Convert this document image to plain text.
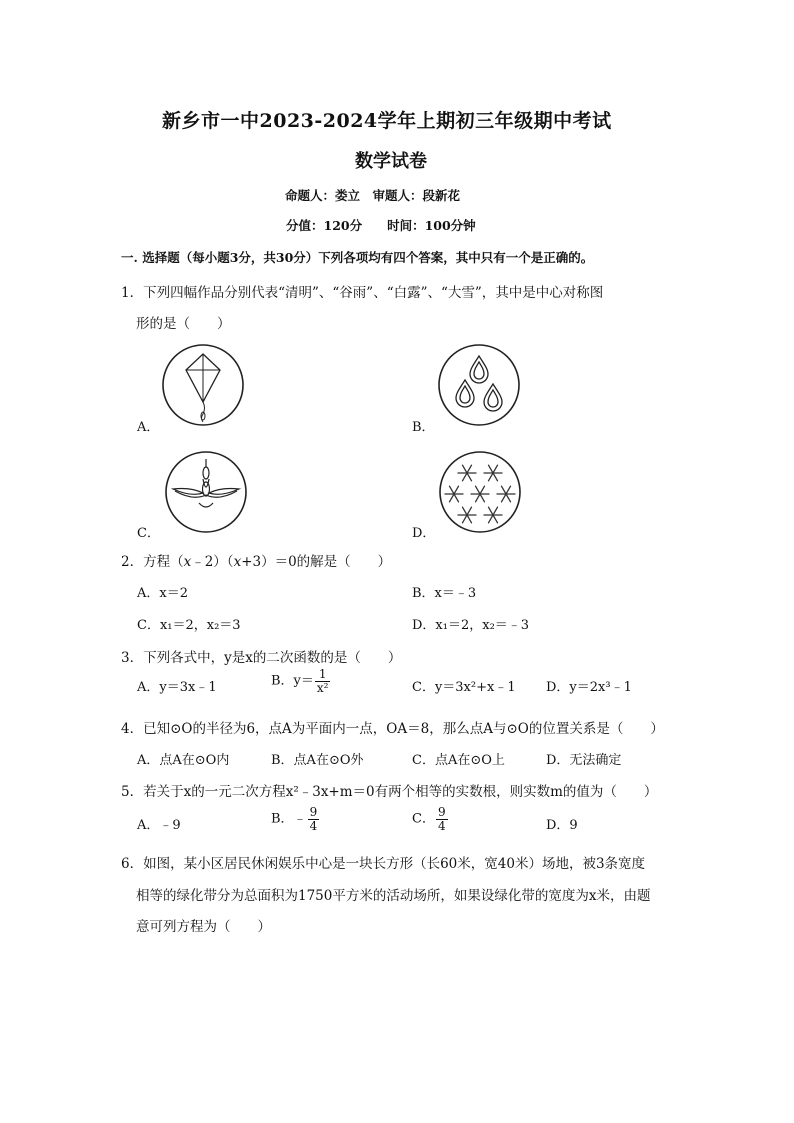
新乡市一中2023-2024学年上期初三年级期中考试
数学试卷
命题人：娄立　审题人：段新花
分值：120分　　时间：100分钟
一. 选择题（每小题3分，共30分）下列各项均有四个答案，其中只有一个是正确的。
1．下列四幅作品分别代表“清明”、“谷雨”、“白露”、“大雪”，其中是中心对称图
形的是（　　）
A．	B．
C．	D．
2．方程（x﹣2）（x+3）＝0的解是（　　）
A．x＝2	B．x＝﹣3
C．x₁＝2，x₂＝3	D．x₁＝2，x₂＝﹣3
3．下列各式中，y是x的二次函数的是（　　）
A．y＝3x﹣1	B．$y= \frac{1}{\text{x²}}$	C．y＝3x²+x﹣1 D．y＝2x³﹣1
4．已知⊙O的半径为6，点A为平面内一点，OA＝8，那么点A与⊙O的位置关系是（　　）
A．点A在⊙O内	B．点A在⊙O外	C．点A在⊙O上	D．无法确定
5．若关于x的一元二次方程x²﹣3x+m＝0有两个相等的实数根，则实数m的值为（　　）
A．﹣9	B．﹣ $\frac{9}{4}$	C． $\frac{9}{4}$	D．9
6．如图，某小区居民休闲娱乐中心是一块长方形（长60米，宽40米）场地，被3条宽度
相等的绿化带分为总面积为1750平方米的活动场所，如果设绿化带的宽度为x米，由题
意可列方程为（　　）
